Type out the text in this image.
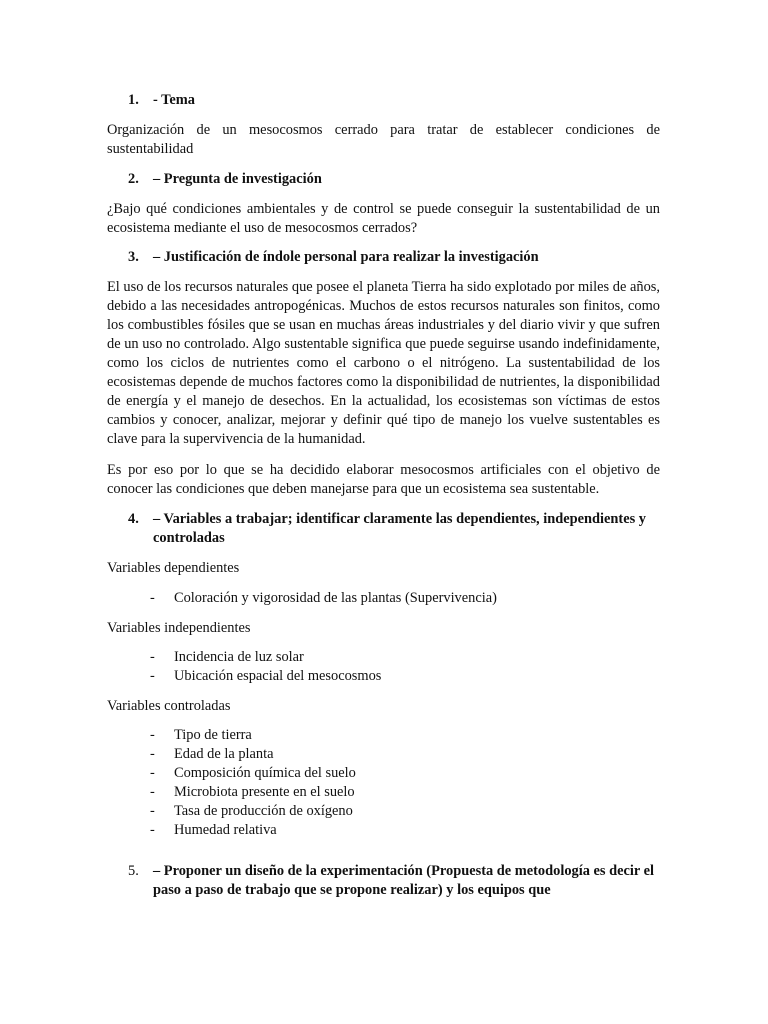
1. - Tema

Organización de un mesocosmos cerrado para tratar de establecer condiciones de sustentabilidad

2. – Pregunta de investigación

¿Bajo qué condiciones ambientales y de control se puede conseguir la sustentabilidad de un ecosistema mediante el uso de mesocosmos cerrados?

3. – Justificación de índole personal para realizar la investigación

El uso de los recursos naturales que posee el planeta Tierra ha sido explotado por miles de años, debido a las necesidades antropogénicas. Muchos de estos recursos naturales son finitos, como los combustibles fósiles que se usan en muchas áreas industriales y del diario vivir y que sufren de un uso no controlado. Algo sustentable significa que puede seguirse usando indefinidamente, como los ciclos de nutrientes como el carbono o el nitrógeno. La sustentabilidad de los ecosistemas depende de muchos factores como la disponibilidad de nutrientes, la disponibilidad de energía y el manejo de desechos. En la actualidad, los ecosistemas son víctimas de estos cambios y conocer, analizar, mejorar y definir qué tipo de manejo los vuelve sustentables es clave para la supervivencia de la humanidad.

Es por eso por lo que se ha decidido elaborar mesocosmos artificiales con el objetivo de conocer las condiciones que deben manejarse para que un ecosistema sea sustentable.

4. – Variables a trabajar; identificar claramente las dependientes, independientes y controladas
Variables dependientes
-	Coloración y vigorosidad de las plantas (Supervivencia)
Variables independientes
-	Incidencia de luz solar
-	Ubicación espacial del mesocosmos
Variables controladas
-	Tipo de tierra
-	Edad de la planta
-	Composición química del suelo
-	Microbiota presente en el suelo
-	Tasa de producción de oxígeno
-	Humedad relativa
5. – Proponer un diseño de la experimentación (Propuesta de metodología es decir el paso a paso de trabajo que se propone realizar) y los equipos que
